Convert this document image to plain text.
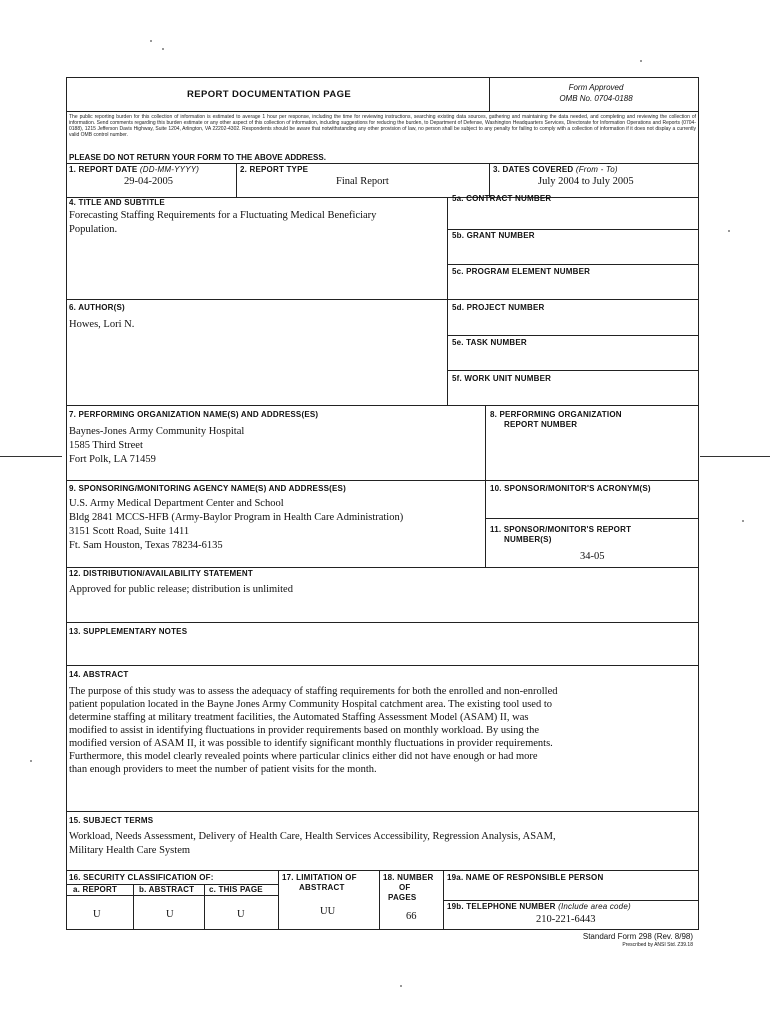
REPORT DOCUMENTATION PAGE
Form Approved
OMB No. 0704-0188
The public reporting burden for this collection of information is estimated to average 1 hour per response, including the time for reviewing instructions, searching existing data sources, gathering and maintaining the data needed, and completing and reviewing the collection of information. Send comments regarding this burden estimate or any other aspect of this collection of information, including suggestions for reducing the burden, to Department of Defense, Washington Headquarters Services, Directorate for Information Operations and Reports (0704-0188), 1215 Jefferson Davis Highway, Suite 1204, Arlington, VA 22202-4302. Respondents should be aware that notwithstanding any other provision of law, no person shall be subject to any penalty for failing to comply with a collection of information if it does not display a currently valid OMB control number.
PLEASE DO NOT RETURN YOUR FORM TO THE ABOVE ADDRESS.
1. REPORT DATE (DD-MM-YYYY)
29-04-2005
2. REPORT TYPE
Final Report
3. DATES COVERED (From - To)
July 2004 to July 2005
4. TITLE AND SUBTITLE
Forecasting Staffing Requirements for a Fluctuating Medical Beneficiary
Population.
5a. CONTRACT NUMBER
5b. GRANT NUMBER
5c. PROGRAM ELEMENT NUMBER
6. AUTHOR(S)
Howes, Lori N.
5d. PROJECT NUMBER
5e. TASK NUMBER
5f. WORK UNIT NUMBER
7. PERFORMING ORGANIZATION NAME(S) AND ADDRESS(ES)
Baynes-Jones Army Community Hospital
1585 Third Street
Fort Polk, LA 71459
8. PERFORMING ORGANIZATION
REPORT NUMBER
9. SPONSORING/MONITORING AGENCY NAME(S) AND ADDRESS(ES)
U.S. Army Medical Department Center and School
Bldg 2841 MCCS-HFB (Army-Baylor Program in Health Care Administration)
3151 Scott Road, Suite 1411
Ft. Sam Houston, Texas 78234-6135
10. SPONSOR/MONITOR'S ACRONYM(S)
11. SPONSOR/MONITOR'S REPORT
NUMBER(S)
34-05
12. DISTRIBUTION/AVAILABILITY STATEMENT
Approved for public release; distribution is unlimited
13. SUPPLEMENTARY NOTES
14. ABSTRACT
The purpose of this study was to assess the adequacy of staffing requirements for both the enrolled and non-enrolled
patient population located in the Bayne Jones Army Community Hospital catchment area. The existing tool used to
determine staffing at military treatment facilities, the Automated Staffing Assessment Model (ASAM) II, was
modified to assist in identifying fluctuations in provider requirements based on monthly workload. By using the
modified version of ASAM II, it was possible to identify significant monthly fluctuations in provider requirements.
Furthermore, this model clearly revealed points where particular clinics either did not have enough or had more
than enough providers to meet the number of patient visits for the month.
15. SUBJECT TERMS
Workload, Needs Assessment, Delivery of Health Care, Health Services Accessibility, Regression Analysis, ASAM,
Military Health Care System
16. SECURITY CLASSIFICATION OF:
a. REPORT	b. ABSTRACT c. THIS PAGE
U	U	U
17. LIMITATION OF
ABSTRACT
UU
18. NUMBER
OF
PAGES
66
19a. NAME OF RESPONSIBLE PERSON
19b. TELEPHONE NUMBER (Include area code)
210-221-6443
Standard Form 298 (Rev. 8/98)
Prescribed by ANSI Std. Z39.18
